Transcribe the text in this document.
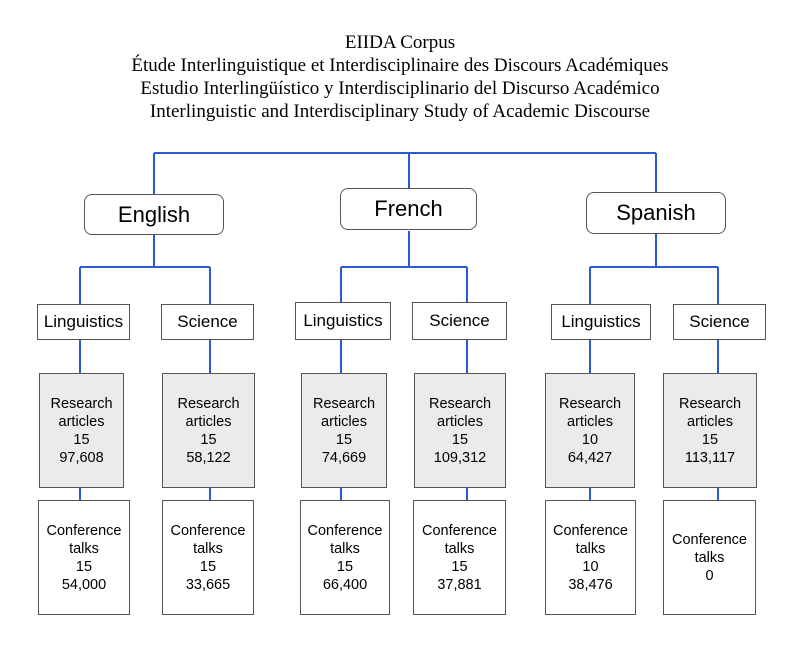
EIIDA Corpus
Étude Interlinguistique et Interdisciplinaire des Discours Académiques
Estudio Interlingüístico y Interdisciplinario del Discurso Académico
Interlinguistic and Interdisciplinary Study of Academic Discourse
English	French	Spanish
Linguistics	Science	Linguistics	Science	Linguistics	Science
Research
articles
15
97,608
Research
articles
15
58,122
Research
articles
15
74,669
Research
articles
15
109,312
Research
articles
10
64,427
Research
articles
15
113,117
Conference
talks
15
54,000
Conference
talks
15
33,665
Conference
talks
15
66,400
Conference
talks
15
37,881
Conference
talks
10
38,476
Conference
talks
0
